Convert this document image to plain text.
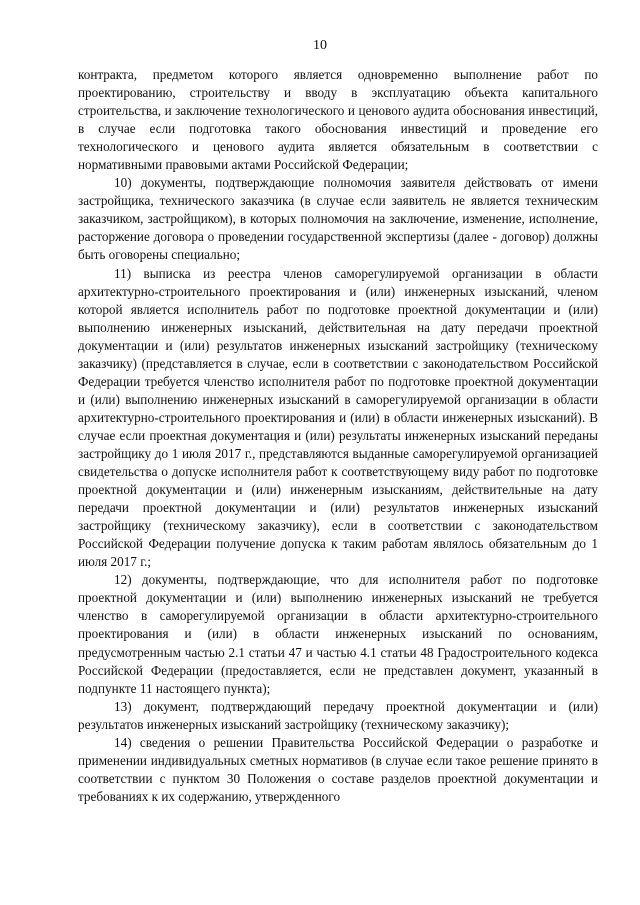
10

контракта, предметом которого является одновременно выполнение работ по проектированию, строительству и вводу в эксплуатацию объекта капитального строительства, и заключение технологического и ценового аудита обоснования инвестиций, в случае если подготовка такого обоснования инвестиций и проведение его технологического и ценового аудита является обязательным в соответствии с нормативными правовыми актами Российской Федерации;

10) документы, подтверждающие полномочия заявителя действовать от имени застройщика, технического заказчика (в случае если заявитель не является техническим заказчиком, застройщиком), в которых полномочия на заключение, изменение, исполнение, расторжение договора о проведении государственной экспертизы (далее - договор) должны быть оговорены специально;

11) выписка из реестра членов саморегулируемой организации в области архитектурно-строительного проектирования и (или) инженерных изысканий, членом которой является исполнитель работ по подготовке проектной документации и (или) выполнению инженерных изысканий, действительная на дату передачи проектной документации и (или) результатов инженерных изысканий застройщику (техническому заказчику) (представляется в случае, если в соответствии с законодательством Российской Федерации требуется членство исполнителя работ по подготовке проектной документации и (или) выполнению инженерных изысканий в саморегулируемой организации в области архитектурно-строительного проектирования и (или) в области инженерных изысканий). В случае если проектная документация и (или) результаты инженерных изысканий переданы застройщику до 1 июля 2017 г., представляются выданные саморегулируемой организацией свидетельства о допуске исполнителя работ к соответствующему виду работ по подготовке проектной документации и (или) инженерным изысканиям, действительные на дату передачи проектной документации и (или) результатов инженерных изысканий застройщику (техническому заказчику), если в соответствии с законодательством Российской Федерации получение допуска к таким работам являлось обязательным до 1 июля 2017 г.;

12) документы, подтверждающие, что для исполнителя работ по подготовке проектной документации и (или) выполнению инженерных изысканий не требуется членство в саморегулируемой организации в области архитектурно-строительного проектирования и (или) в области инженерных изысканий по основаниям, предусмотренным частью 2.1 статьи 47 и частью 4.1 статьи 48 Градостроительного кодекса Российской Федерации (предоставляется, если не представлен документ, указанный в подпункте 11 настоящего пункта);

13) документ, подтверждающий передачу проектной документации и (или) результатов инженерных изысканий застройщику (техническому заказчику);

14) сведения о решении Правительства Российской Федерации о разработке и применении индивидуальных сметных нормативов (в случае если такое решение принято в соответствии с пунктом 30 Положения о составе разделов проектной документации и требованиях к их содержанию, утвержденного
